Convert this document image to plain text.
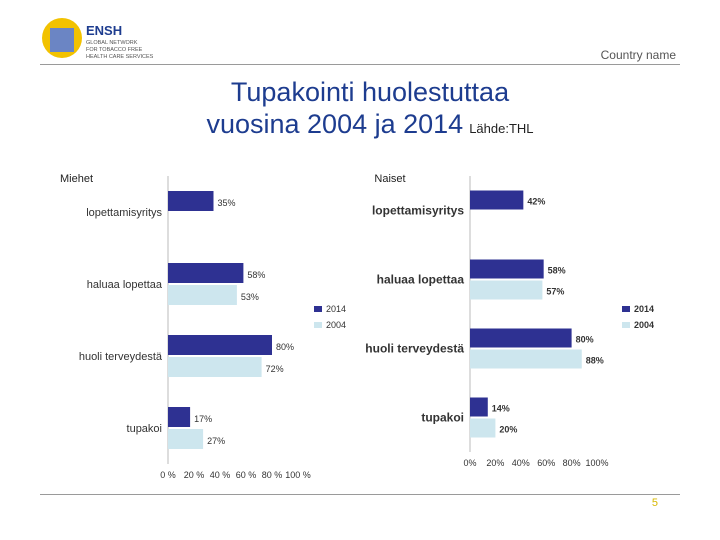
ENSH
GLOBAL NETWORK
FOR TOBACCO FREE
HEALTH CARE SERVICES	Country name
Tupakointi huolestuttaa
vuosina 2004 ja 2014 Lähde:THL
Miehet
lopettamisyritys
35%
haluaa lopettaa
58%
53%
huoli terveydestä
80%
72%
tupakoi
17%
27%
0 % 20 % 40 % 60 % 80 % 100 %
2014
2004
Naiset
lopettamisyritys
42%
haluaa lopettaa
58%
57%
huoli terveydestä
80%
88%
tupakoi
14%
20%
0% 20% 40% 60% 80% 100%
2014
2004
5
